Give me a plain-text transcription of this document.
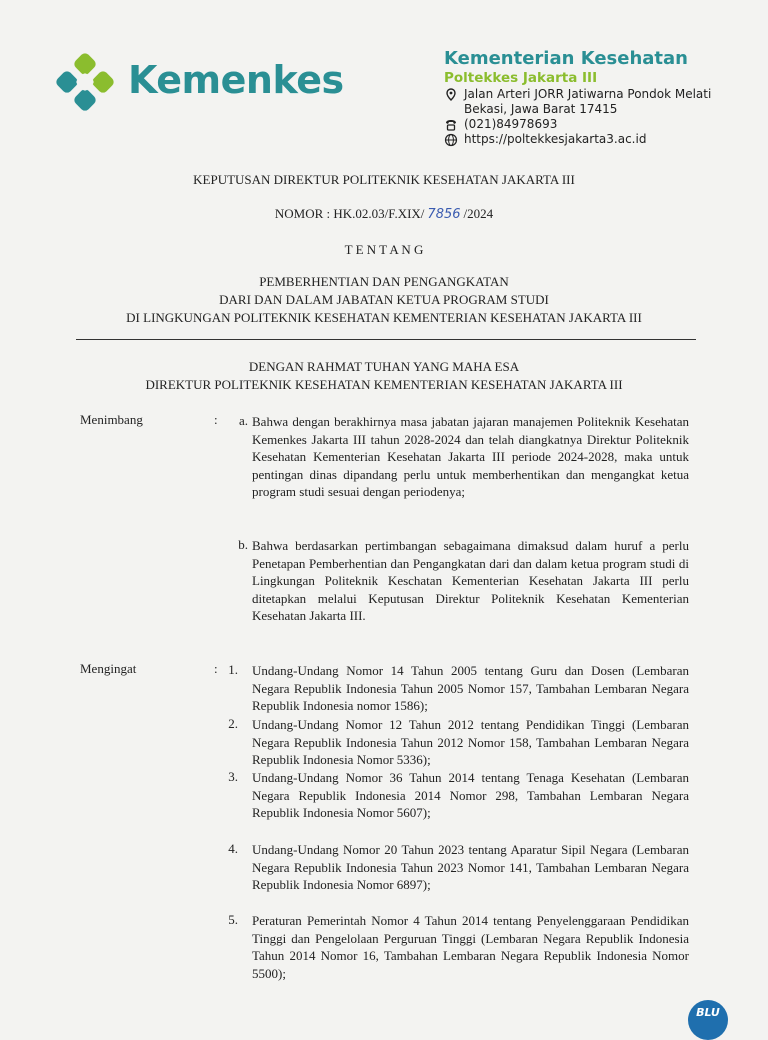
Kemenkes	Kementerian Kesehatan
Poltekkes Jakarta III
Jalan Arteri JORR Jatiwarna Pondok Melati
Bekasi, Jawa Barat 17415
(021)84978693
https://poltekkesjakarta3.ac.id
KEPUTUSAN DIREKTUR POLITEKNIK KESEHATAN JAKARTA III
NOMOR : HK.02.03/F.XIX/ 7856 /2024
T E N T A N G
PEMBERHENTIAN DAN PENGANGKATAN
DARI DAN DALAM JABATAN KETUA PROGRAM STUDI
DI LINGKUNGAN POLITEKNIK KESEHATAN KEMENTERIAN KESEHATAN JAKARTA III
DENGAN RAHMAT TUHAN YANG MAHA ESA
DIREKTUR POLITEKNIK KESEHATAN KEMENTERIAN KESEHATAN JAKARTA III
Menimbang	:	a. Bahwa dengan berakhirnya masa jabatan jajaran manajemen Politeknik Kesehatan Kemenkes Jakarta III tahun 2028-2024 dan telah diangkatnya Direktur Politeknik Kesehatan Kementerian Kesehatan Jakarta III periode 2024-2028, maka untuk pentingan dinas dipandang perlu untuk memberhentikan dan mengangkat ketua program studi sesuai dengan periodenya;
b. Bahwa berdasarkan pertimbangan sebagaimana dimaksud dalam huruf a perlu Penetapan Pemberhentian dan Pengangkatan dari dan dalam ketua program studi di Lingkungan Politeknik Keschatan Kementerian Kesehatan Jakarta III perlu ditetapkan melalui Keputusan Direktur Politeknik Kesehatan Kementerian Kesehatan Jakarta III.
Mengingat	: 1. Undang-Undang Nomor 14 Tahun 2005 tentang Guru dan Dosen (Lembaran Negara Republik Indonesia Tahun 2005 Nomor 157, Tambahan Lembaran Negara Republik Indonesia nomor 1586);
2. Undang-Undang Nomor 12 Tahun 2012 tentang Pendidikan Tinggi (Lembaran Negara Republik Indonesia Tahun 2012 Nomor 158, Tambahan Lembaran Negara Republik Indonesia Nomor 5336);
3. Undang-Undang Nomor 36 Tahun 2014 tentang Tenaga Kesehatan (Lembaran Negara Republik Indonesia 2014 Nomor 298, Tambahan Lembaran Negara Republik Indonesia Nomor 5607);
4. Undang-Undang Nomor 20 Tahun 2023 tentang Aparatur Sipil Negara (Lembaran Negara Republik Indonesia Tahun 2023 Nomor 141, Tambahan Lembaran Negara Republik Indonesia Nomor 6897);
5. Peraturan Pemerintah Nomor 4 Tahun 2014 tentang Penyelenggaraan Pendidikan Tinggi dan Pengelolaan Perguruan Tinggi (Lembaran Negara Republik Indonesia Tahun 2014 Nomor 16, Tambahan Lembaran Negara Republik Indonesia Nomor 5500);
BLU
